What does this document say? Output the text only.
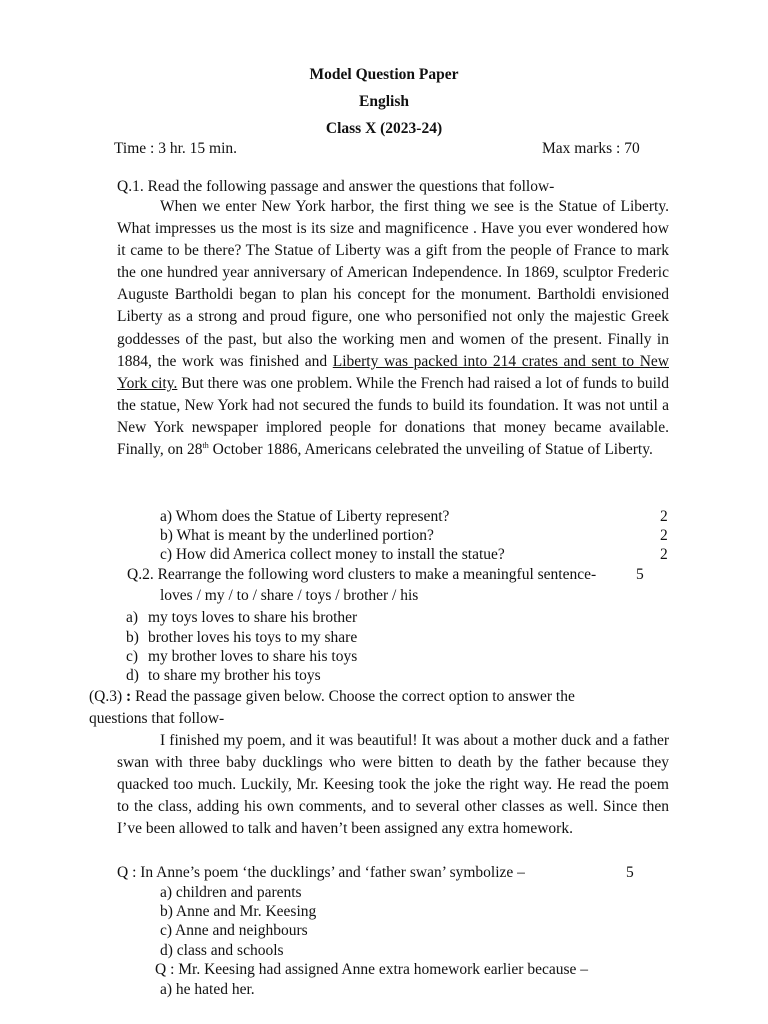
Model Question Paper
English
Class X (2023-24)
Time : 3 hr. 15 min.	Max marks : 70
Q.1. Read the following passage and answer the questions that follow-
When we enter New York harbor, the first thing we see is the Statue of Liberty. What impresses us the most is its size and magnificence . Have you ever wondered how it came to be there? The Statue of Liberty was a gift from the people of France to mark the one hundred year anniversary of American Independence. In 1869, sculptor Frederic Auguste Bartholdi began to plan his concept for the monument. Bartholdi envisioned Liberty as a strong and proud figure, one who personified not only the majestic Greek goddesses of the past, but also the working men and women of the present. Finally in 1884, the work was finished and Liberty was packed into 214 crates and sent to New York city. But there was one problem. While the French had raised a lot of funds to build the statue, New York had not secured the funds to build its foundation. It was not until a New York newspaper implored people for donations that money became available. Finally, on 28th October 1886, Americans celebrated the unveiling of Statue of Liberty.
a) Whom does the Statue of Liberty represent?	2
b) What is meant by the underlined portion?	2
c) How did America collect money to install the statue?	2
Q.2. Rearrange the following word clusters to make a meaningful sentence-	5
loves / my / to / share / toys / brother / his
a) my toys loves to share his brother
b) brother loves his toys to my share
c) my brother loves to share his toys
d) to share my brother his toys
(Q.3) : Read the passage given below. Choose the correct option to answer the
questions that follow-
I finished my poem, and it was beautiful! It was about a mother duck and a father swan with three baby ducklings who were bitten to death by the father because they quacked too much. Luckily, Mr. Keesing took the joke the right way. He read the poem to the class, adding his own comments, and to several other classes as well. Since then I’ve been allowed to talk and haven’t been assigned any extra homework.
Q : In Anne’s poem ‘the ducklings’ and ‘father swan’ symbolize –	5
a) children and parents
b) Anne and Mr. Keesing
c) Anne and neighbours
d) class and schools
Q : Mr. Keesing had assigned Anne extra homework earlier because –
a) he hated her.
